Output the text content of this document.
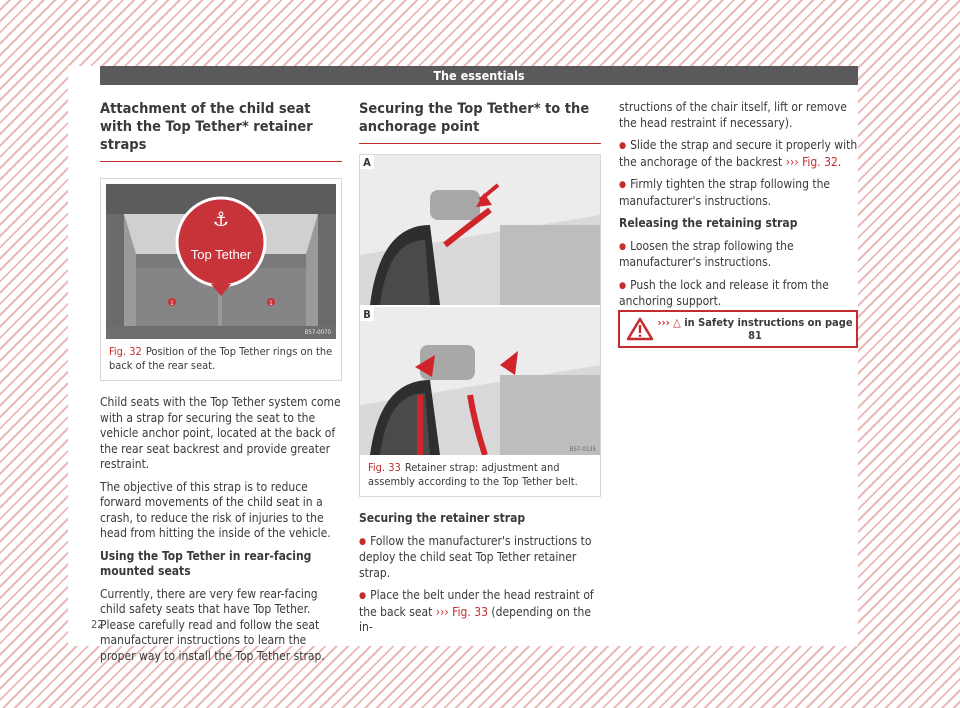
The essentials
Attachment of the child seat with the Top Tether* retainer straps
⚓
Top Tether
1	1
B57-0070
Fig. 32 Position of the Top Tether rings on the back of the rear seat.

Child seats with the Top Tether system come with a strap for securing the seat to the vehicle anchor point, located at the back of the rear seat backrest and provide greater restraint.

The objective of this strap is to reduce forward movements of the child seat in a crash, to reduce the risk of injuries to the head from hitting the inside of the vehicle.

Using the Top Tether in rear-facing mounted seats

Currently, there are very few rear-facing child safety seats that have Top Tether. Please carefully read and follow the seat manufacturer instructions to learn the proper way to install the Top Tether strap.

Securing the Top Tether* to the anchorage point
A
B
B57-0135
Fig. 33 Retainer strap: adjustment and assembly according to the Top Tether belt.

Securing the retainer strap

● Follow the manufacturer's instructions to deploy the child seat Top Tether retainer strap.

● Place the belt under the head restraint of the back seat ››› Fig. 33 (depending on the in-

structions of the chair itself, lift or remove the head restraint if necessary).

● Slide the strap and secure it properly with the anchorage of the backrest ››› Fig. 32.

● Firmly tighten the strap following the manufacturer's instructions.

Releasing the retaining strap

● Loosen the strap following the manufacturer's instructions.

● Push the lock and release it from the anchoring support.

››› △ in Safety instructions on page 81
22
